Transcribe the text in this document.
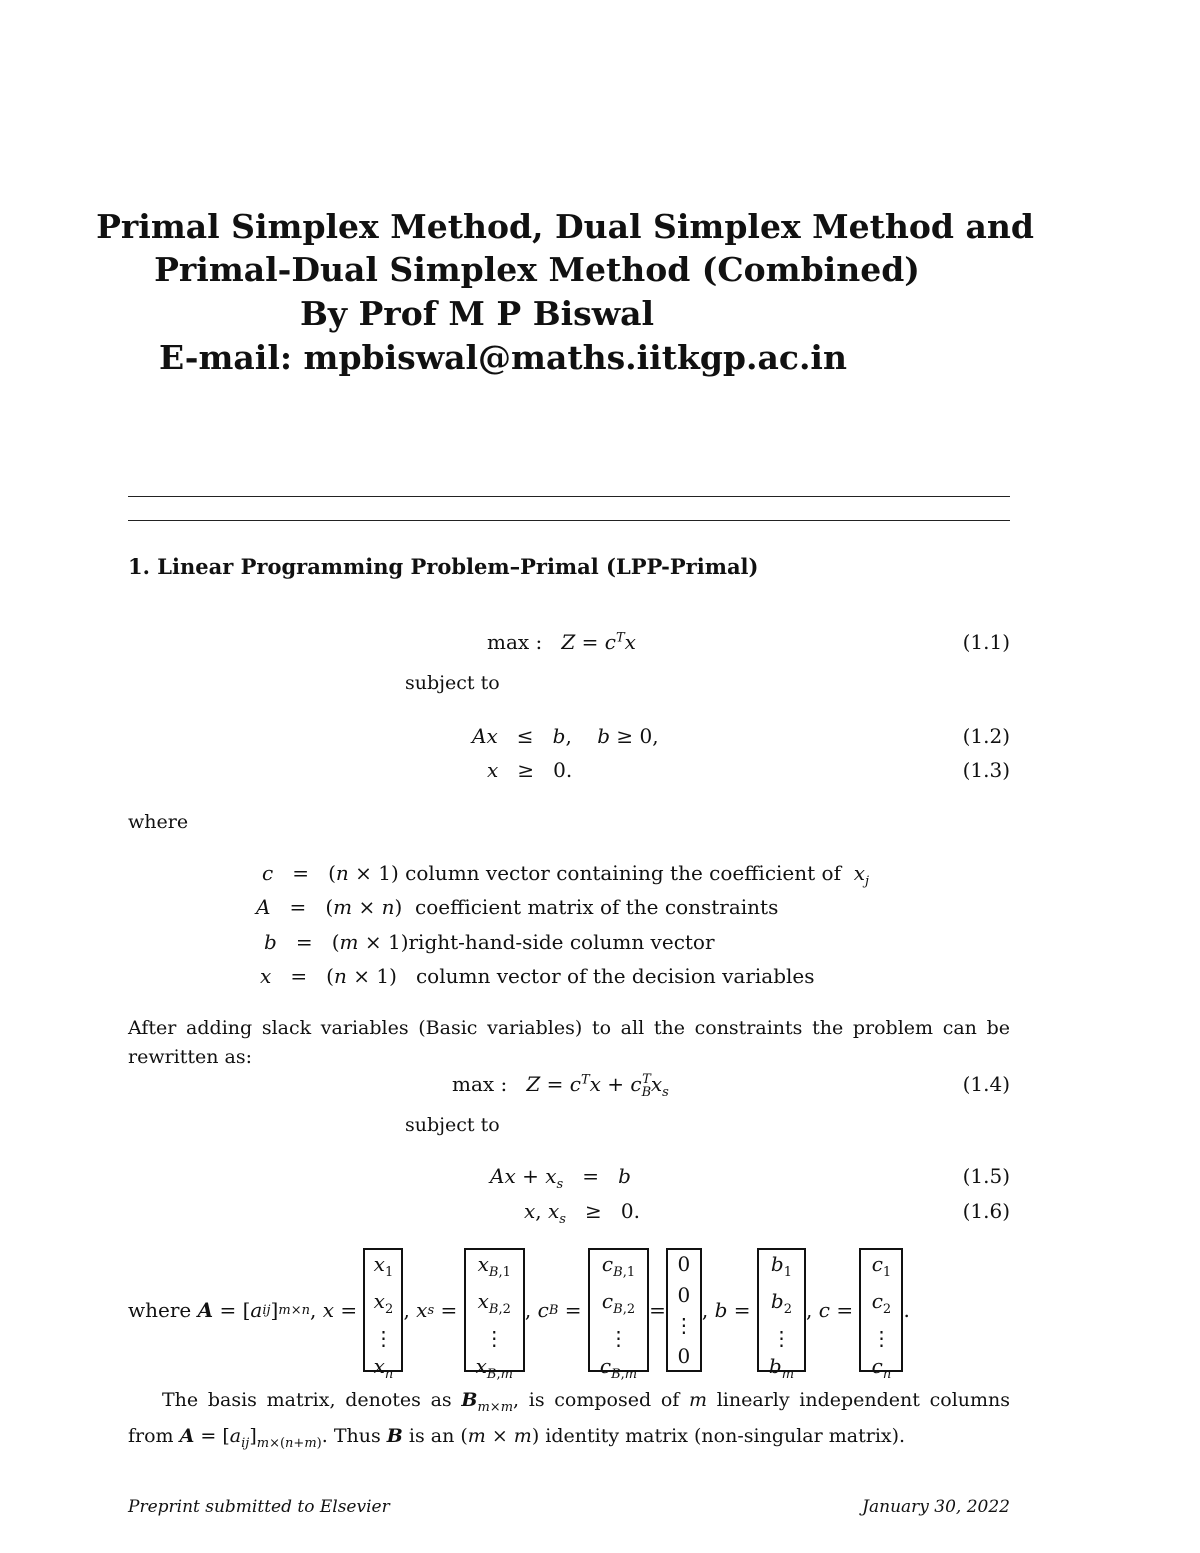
Primal Simplex Method, Dual Simplex Method and
Primal-Dual Simplex Method (Combined)
By Prof M P Biswal
E-mail: mpbiswal@maths.iitkgp.ac.in
1. Linear Programming Problem–Primal (LPP-Primal)
max :   $Z = c^Tx$	(1.1)
subject to
Ax   ≤   b,    b ≥ 0,	(1.2)
x   ≥   0.	(1.3)
where
c   =   (n × 1) column vector containing the coefficient of $x_j$
A   =   (m × n)  coefficient matrix of the constraints
b   =   (m × 1)right-hand-side column vector
x   =   (n × 1)   column vector of the decision variables
After adding slack variables (Basic variables) to all the constraints the problem can be rewritten as:
max :   $Z = c^Tx + c_B^Tx_s$	(1.4)
subject to
$Ax + x_s = b$	(1.5)
x, $x_s \ge 0$.	(1.6)
where
A = [ a ij ] m×n , x =
$x_1$
$x_2$
⋮
$x_n$
, x s =
$x_{B,1}$
$x_{B,2}$
⋮
$x_{B,m}$
, c B =
$c_{B,1}$
$c_{B,2}$
⋮
$c_{B,m}$
=
0
0
⋮
0
, b =
$b_1$
$b_2$
⋮
$b_m$
, c =
$c_1$
$c_2$
⋮
$c_n$
.
The basis matrix, denotes as $B_{m\times m}$, is composed of m linearly independent columns from $A = [a_{ij}]_{m\times(n+m)}$. Thus B is an (m × m) identity matrix (non-singular matrix).
Preprint submitted to Elsevier	January 30, 2022
